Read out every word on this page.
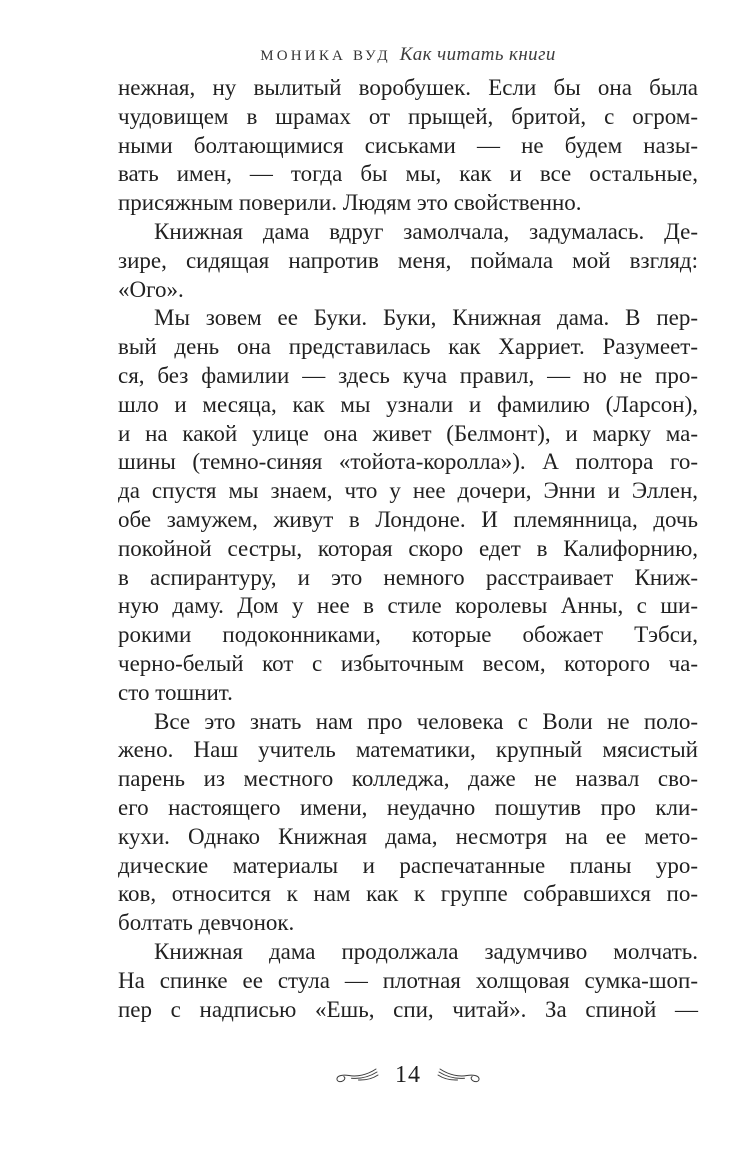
МОНИКА ВУД Как читать книги
нежная, ну вылитый воробушек. Если бы она была
чудовищем в шрамах от прыщей, бритой, с огром-
ными болтающимися сиськами — не будем назы-
вать имен, — тогда бы мы, как и все остальные,
присяжным поверили. Людям это свойственно.
Книжная дама вдруг замолчала, задумалась. Де-
зире, сидящая напротив меня, поймала мой взгляд:
«Ого».
Мы зовем ее Буки. Буки, Книжная дама. В пер-
вый день она представилась как Харриет. Разумеет-
ся, без фамилии — здесь куча правил, — но не про-
шло и месяца, как мы узнали и фамилию (Ларсон),
и на какой улице она живет (Белмонт), и марку ма-
шины (темно-синяя «тойота-королла»). А полтора го-
да спустя мы знаем, что у нее дочери, Энни и Эллен,
обе замужем, живут в Лондоне. И племянница, дочь
покойной сестры, которая скоро едет в Калифорнию,
в аспирантуру, и это немного расстраивает Книж-
ную даму. Дом у нее в стиле королевы Анны, с ши-
рокими подоконниками, которые обожает Тэбси,
черно-белый кот с избыточным весом, которого ча-
сто тошнит.
Все это знать нам про человека с Воли не поло-
жено. Наш учитель математики, крупный мясистый
парень из местного колледжа, даже не назвал сво-
его настоящего имени, неудачно пошутив про кли-
кухи. Однако Книжная дама, несмотря на ее мето-
дические материалы и распечатанные планы уро-
ков, относится к нам как к группе собравшихся по-
болтать девчонок.
Книжная дама продолжала задумчиво молчать.
На спинке ее стула — плотная холщовая сумка-шоп-
пер с надписью «Ешь, спи, читай». За спиной —
14
